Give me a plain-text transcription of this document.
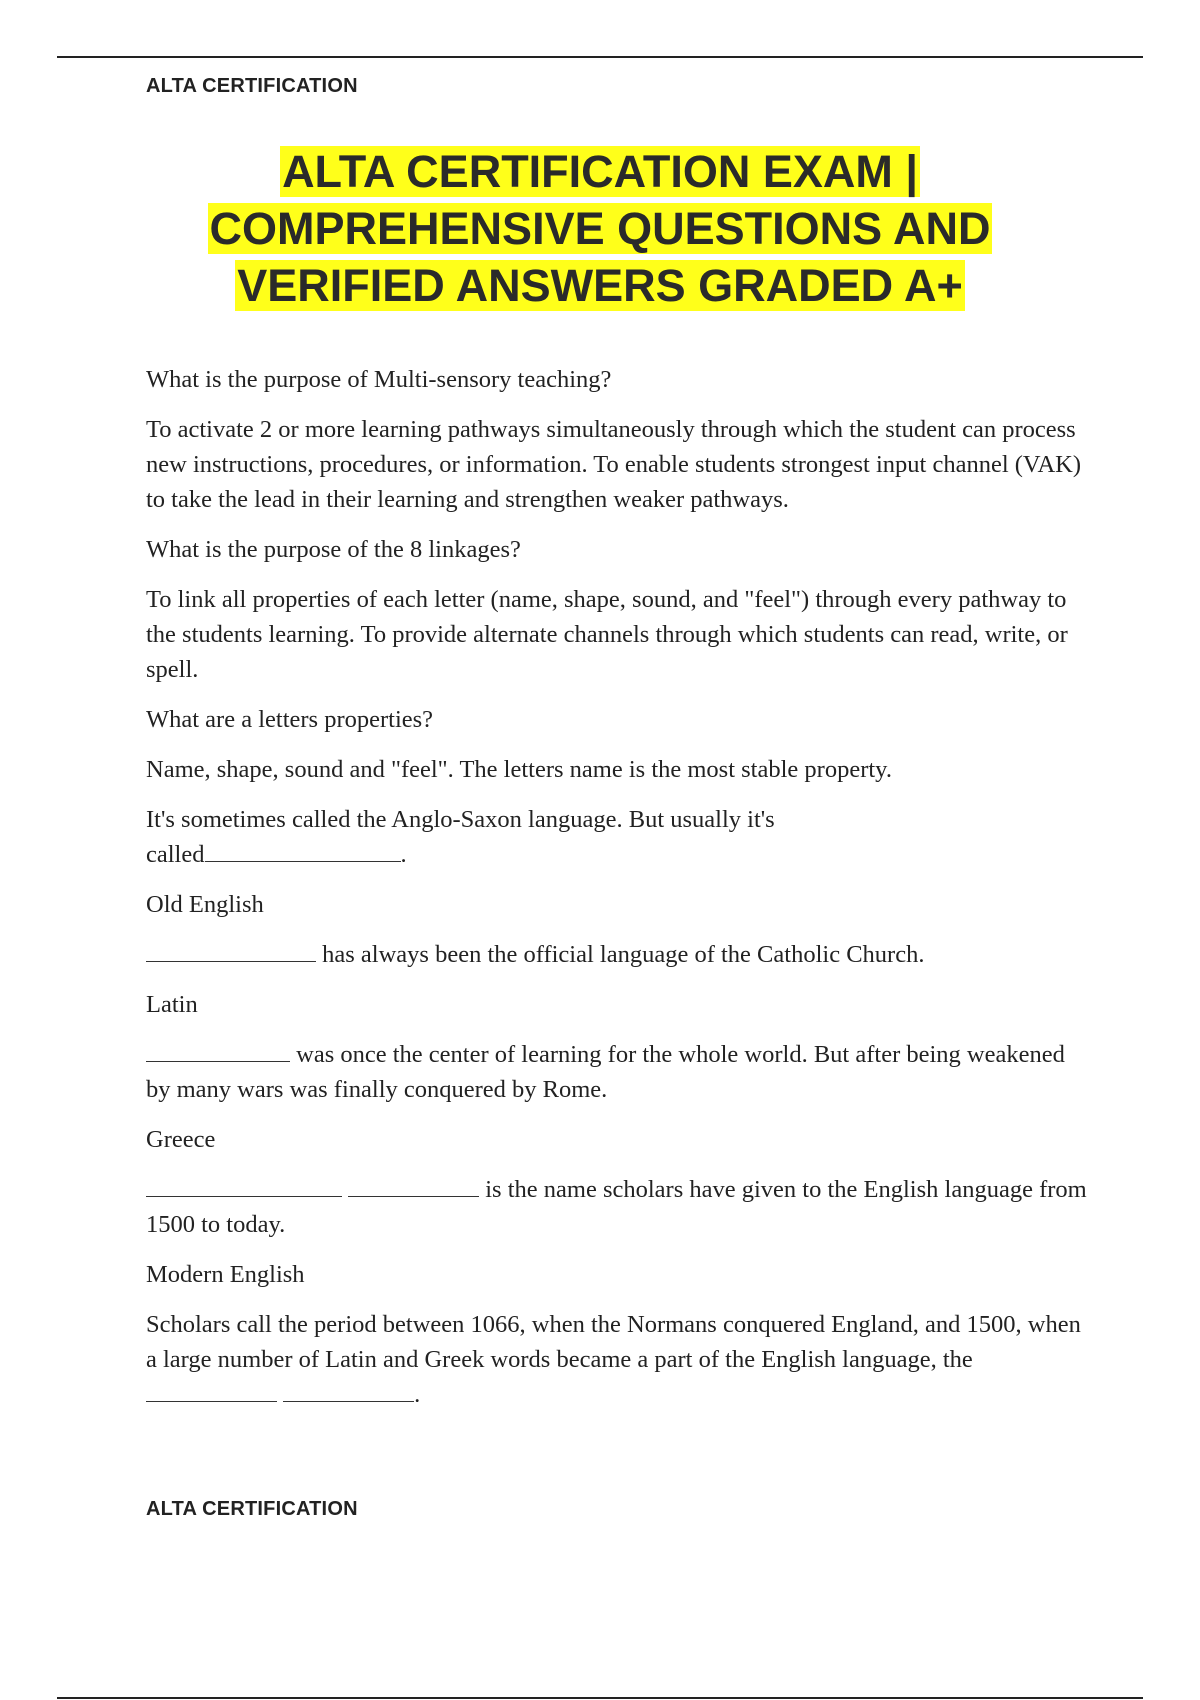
ALTA CERTIFICATION
ALTA CERTIFICATION EXAM |
COMPREHENSIVE QUESTIONS AND
VERIFIED ANSWERS GRADED A+

What is the purpose of Multi-sensory teaching?

To activate 2 or more learning pathways simultaneously through which the student can process new instructions, procedures, or information. To enable students strongest input channel (VAK) to take the lead in their learning and strengthen weaker pathways.

What is the purpose of the 8 linkages?

To link all properties of each letter (name, shape, sound, and "feel") through every pathway to the students learning. To provide alternate channels through which students can read, write, or spell.

What are a letters properties?

Name, shape, sound and "feel". The letters name is the most stable property.

It's sometimes called the Anglo-Saxon language. But usually it's
called	.

Old English

has always been the official language of the Catholic Church.

Latin

was once the center of learning for the whole world. But after being weakened by many wars was finally conquered by Rome.

Greece

is the name scholars have given to the English language from 1500 to today.

Modern English

Scholars call the period between 1066, when the Normans conquered England, and 1500, when a large number of Latin and Greek words became a part of the English language, the  .

ALTA CERTIFICATION
